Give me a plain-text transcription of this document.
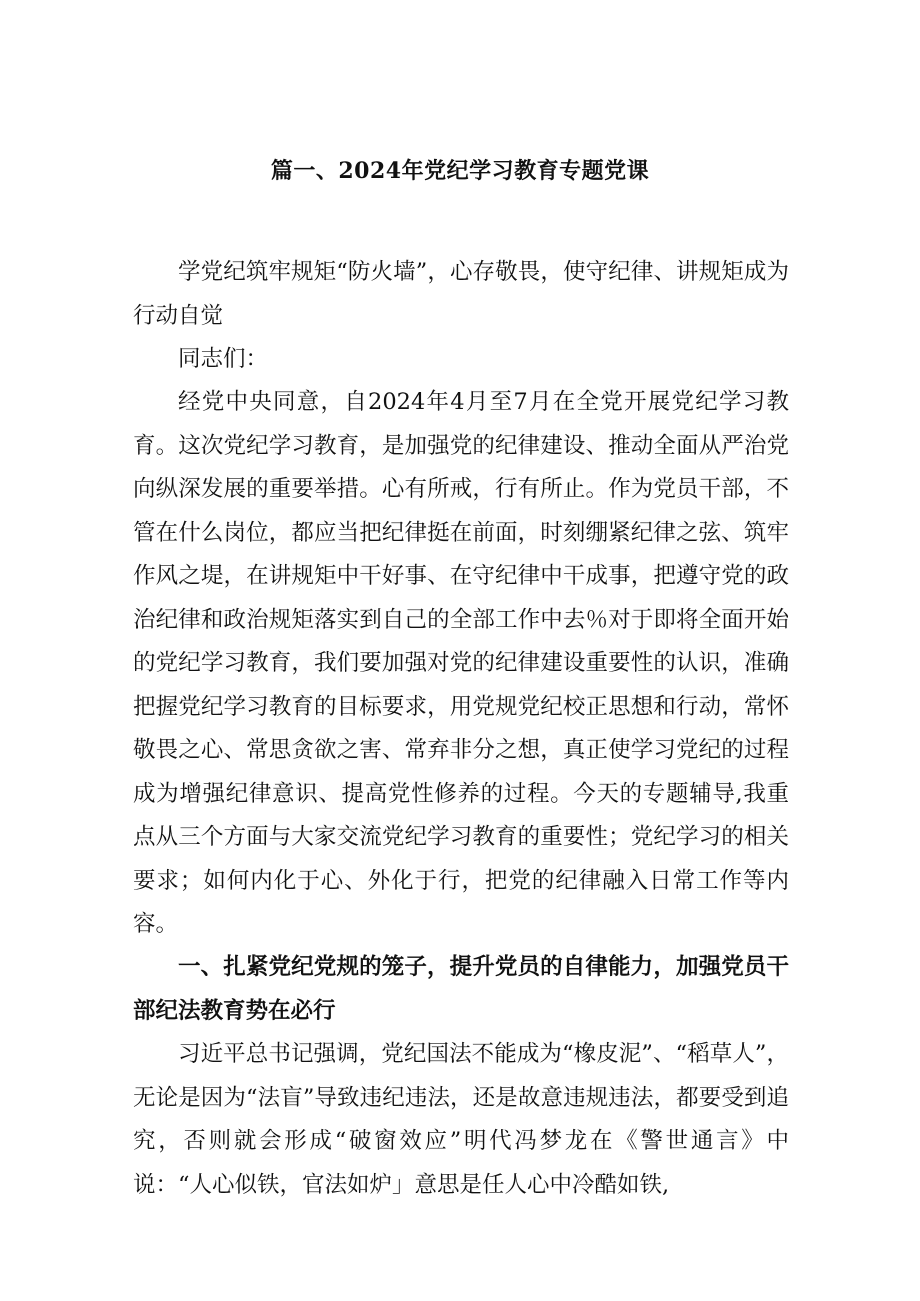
篇一、2024年党纪学习教育专题党课

学党纪筑牢规矩“防火墙”，心存敬畏，使守纪律、讲规矩成为行动自觉

同志们：

经党中央同意，自2024年4月至7月在全党开展党纪学习教育。这次党纪学习教育，是加强党的纪律建设、推动全面从严治党向纵深发展的重要举措。心有所戒，行有所止。作为党员干部，不管在什么岗位，都应当把纪律挺在前面，时刻绷紧纪律之弦、筑牢作风之堤，在讲规矩中干好事、在守纪律中干成事，把遵守党的政治纪律和政治规矩落实到自己的全部工作中去％对于即将全面开始的党纪学习教育，我们要加强对党的纪律建设重要性的认识，准确把握党纪学习教育的目标要求，用党规党纪校正思想和行动，常怀敬畏之心、常思贪欲之害、常弃非分之想，真正使学习党纪的过程成为增强纪律意识、提高党性修养的过程。今天的专题辅导,我重点从三个方面与大家交流党纪学习教育的重要性；党纪学习的相关要求；如何内化于心、外化于行，把党的纪律融入日常工作等内容。

一、扎紧党纪党规的笼子，提升党员的自律能力，加强党员干部纪法教育势在必行

习近平总书记强调，党纪国法不能成为“橡皮泥”、“稻草人”，无论是因为“法盲”导致违纪违法，还是故意违规违法，都要受到追究，否则就会形成“破窗效应”明代冯梦龙在《警世通言》中说：“人心似铁，官法如炉」意思是任人心中冷酷如铁,
